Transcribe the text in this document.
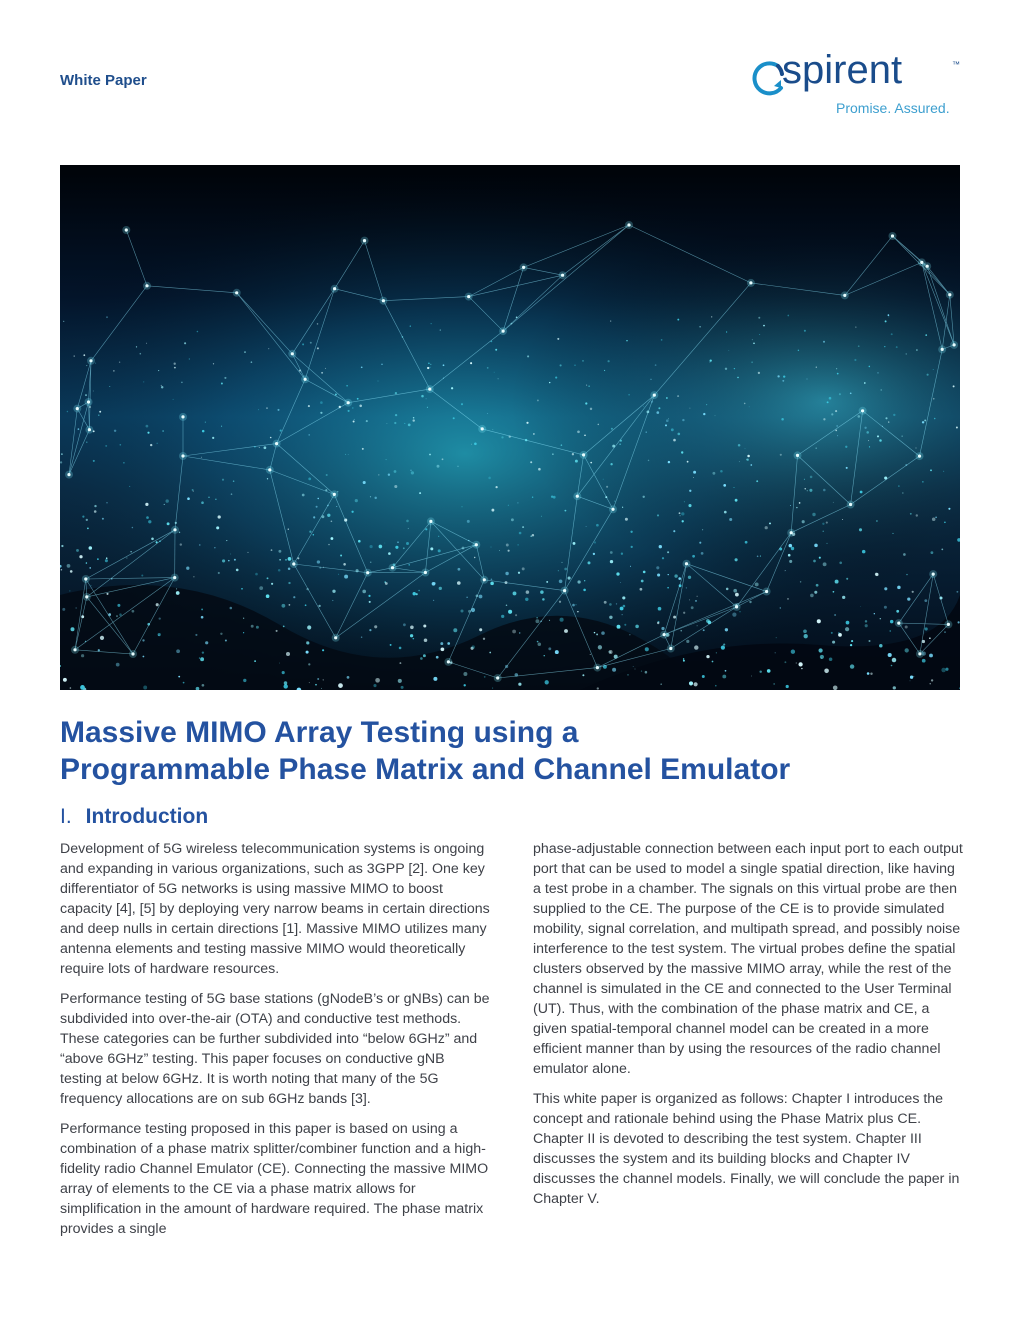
White Paper	spirent	™
Promise. Assured.
Massive MIMO Array Testing using a
Programmable Phase Matrix and Channel Emulator
I. Introduction

Development of 5G wireless telecommunication systems is ongoing and expanding in various organizations, such as 3GPP [2]. One key differentiator of 5G networks is using massive MIMO to boost capacity [4], [5] by deploying very narrow beams in certain directions and deep nulls in certain directions [1]. Massive MIMO utilizes many antenna elements and testing massive MIMO would theoretically require lots of hardware resources.

Performance testing of 5G base stations (gNodeB’s or gNBs) can be subdivided into over-the-air (OTA) and conductive test methods. These categories can be further subdivided into “below 6GHz” and “above 6GHz” testing. This paper focuses on conductive gNB testing at below 6GHz. It is worth noting that many of the 5G frequency allocations are on sub 6GHz bands [3].

Performance testing proposed in this paper is based on using a combination of a phase matrix splitter/combiner function and a high-fidelity radio Channel Emulator (CE). Connecting the massive MIMO array of elements to the CE via a phase matrix allows for simplification in the amount of hardware required. The phase matrix provides a single

phase-adjustable connection between each input port to each output port that can be used to model a single spatial direction, like having a test probe in a chamber. The signals on this virtual probe are then supplied to the CE. The purpose of the CE is to provide simulated mobility, signal correlation, and multipath spread, and possibly noise interference to the test system. The virtual probes define the spatial clusters observed by the massive MIMO array, while the rest of the channel is simulated in the CE and connected to the User Terminal (UT). Thus, with the combination of the phase matrix and CE, a given spatial-temporal channel model can be created in a more efficient manner than by using the resources of the radio channel emulator alone.

This white paper is organized as follows: Chapter I introduces the concept and rationale behind using the Phase Matrix plus CE. Chapter II is devoted to describing the test system. Chapter III discusses the system and its building blocks and Chapter IV discusses the channel models. Finally, we will conclude the paper in Chapter V.
